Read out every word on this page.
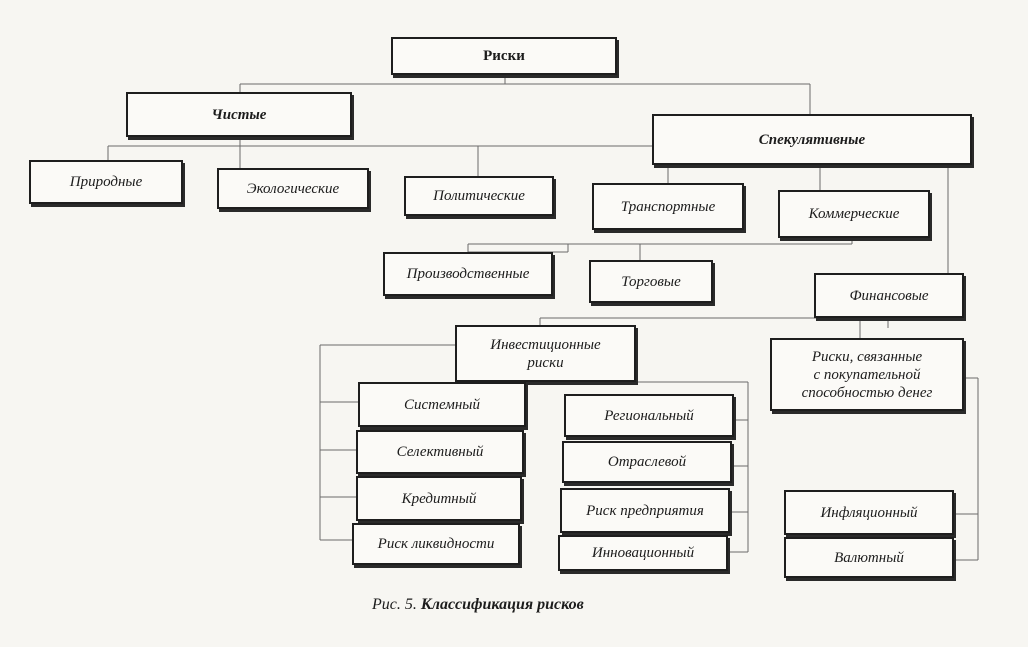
Риски
Чистые
Спекулятивные
Природные	Экологические	Политические
Транспортные	Коммерческие
Производственные	Торговые
Финансовые
Инвестиционные
риски	Риски, связанные
с покупательной
способностью денег
Системный
Селективный
Кредитный
Риск ликвидности
Региональный
Отраслевой
Риск предприятия
Инновационный
Инфляционный
Валютный
Рис. 5. Классификация рисков
